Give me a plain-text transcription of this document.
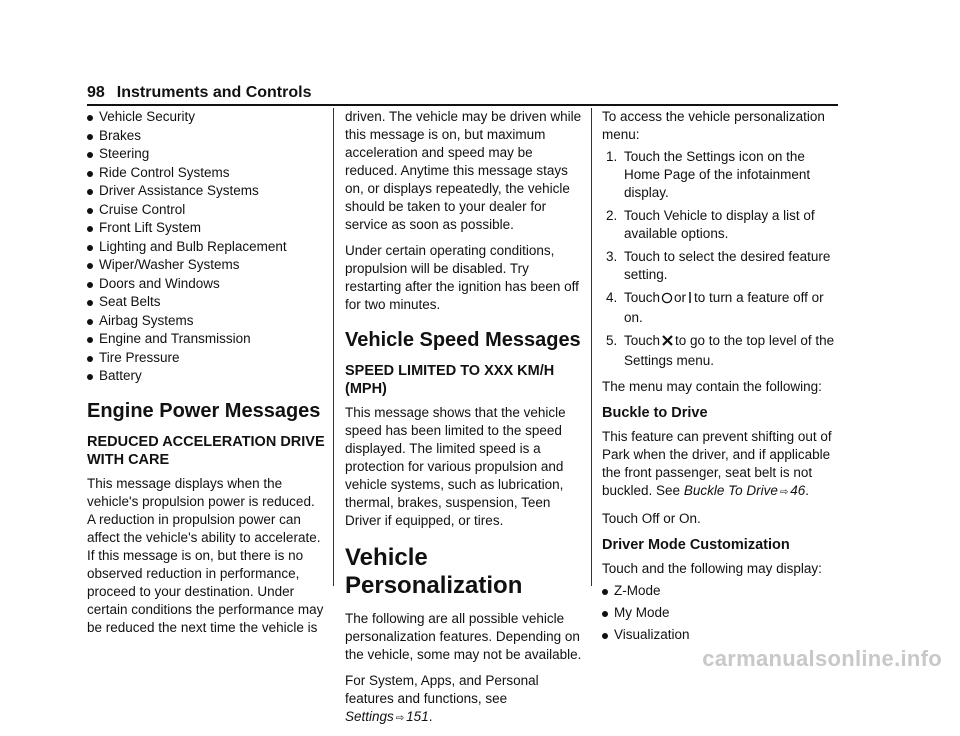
98 Instruments and Controls
Vehicle Security
Brakes
Steering
Ride Control Systems
Driver Assistance Systems
Cruise Control
Front Lift System
Lighting and Bulb Replacement
Wiper/Washer Systems
Doors and Windows
Seat Belts
Airbag Systems
Engine and Transmission
Tire Pressure
Battery
Engine Power Messages
REDUCED ACCELERATION DRIVE
WITH CARE

This message displays when the vehicle's propulsion power is reduced. A reduction in propulsion power can affect the vehicle's ability to accelerate. If this message is on, but there is no observed reduction in performance, proceed to your destination. Under certain conditions the performance may be reduced the next time the vehicle is

driven. The vehicle may be driven while this message is on, but maximum acceleration and speed may be reduced. Anytime this message stays on, or displays repeatedly, the vehicle should be taken to your dealer for service as soon as possible.

Under certain operating conditions, propulsion will be disabled. Try restarting after the ignition has been off for two minutes.

Vehicle Speed Messages
SPEED LIMITED TO XXX KM/H (MPH)

This message shows that the vehicle speed has been limited to the speed displayed. The limited speed is a protection for various propulsion and vehicle systems, such as lubrication, thermal, brakes, suspension, Teen Driver if equipped, or tires.

Vehicle Personalization

The following are all possible vehicle personalization features. Depending on the vehicle, some may not be available.

For System, Apps, and Personal features and functions, see Settings ⇨ 151.

To access the vehicle personalization menu:

1. Touch the Settings icon on the Home Page of the infotainment display.
2. Touch Vehicle to display a list of available options.
3. Touch to select the desired feature setting.
4. Touch or to turn a feature off or on.
5. Touch to go to the top level of the Settings menu.

The menu may contain the following:

Buckle to Drive

This feature can prevent shifting out of Park when the driver, and if applicable the front passenger, seat belt is not buckled. See Buckle To Drive ⇨ 46.

Touch Off or On.

Driver Mode Customization

Touch and the following may display:

Z-Mode
My Mode
Visualization
carmanualsonline.info
